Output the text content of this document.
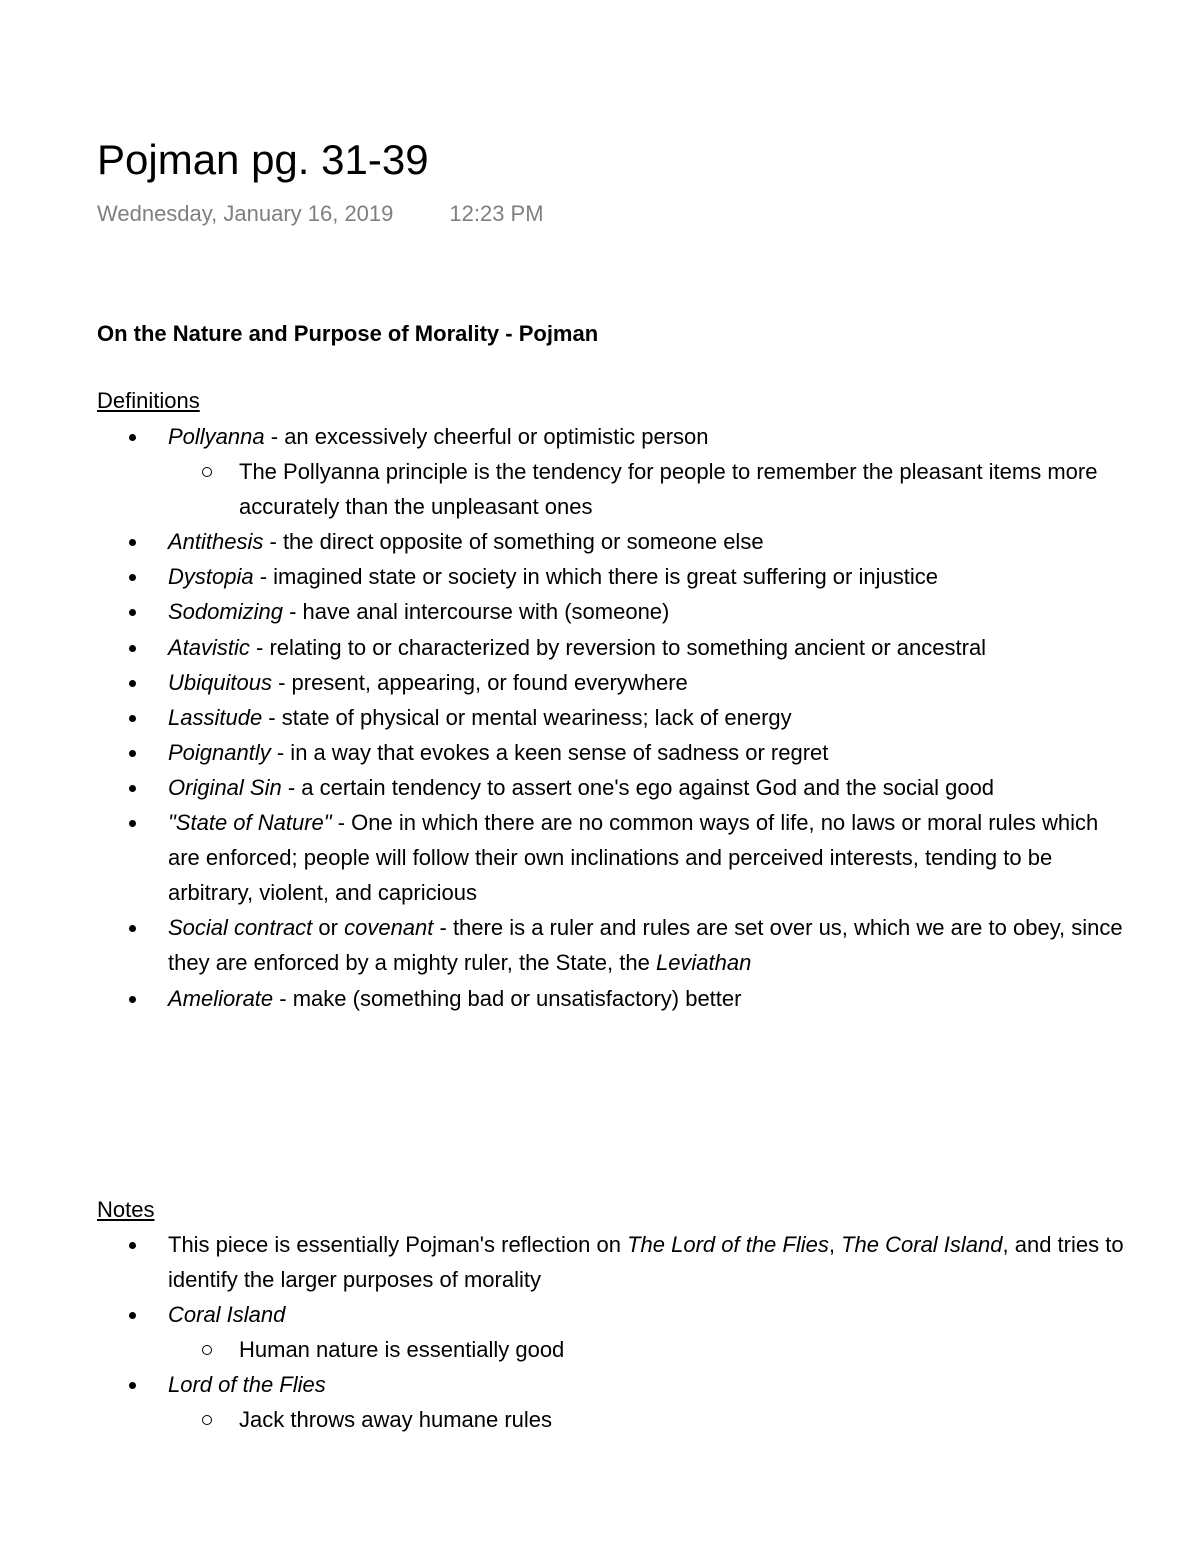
Pojman pg. 31-39
Wednesday, January 16, 2019	12:23 PM
On the Nature and Purpose of Morality - Pojman
Definitions
Pollyanna - an excessively cheerful or optimistic person
The Pollyanna principle is the tendency for people to remember the pleasant items more accurately than the unpleasant ones
Antithesis - the direct opposite of something or someone else
Dystopia - imagined state or society in which there is great suffering or injustice
Sodomizing - have anal intercourse with (someone)
Atavistic - relating to or characterized by reversion to something ancient or ancestral
Ubiquitous - present, appearing, or found everywhere
Lassitude - state of physical or mental weariness; lack of energy
Poignantly - in a way that evokes a keen sense of sadness or regret
Original Sin - a certain tendency to assert one's ego against God and the social good
"State of Nature" - One in which there are no common ways of life, no laws or moral rules which are enforced; people will follow their own inclinations and perceived interests, tending to be arbitrary, violent, and capricious
Social contract or covenant - there is a ruler and rules are set over us, which we are to obey, since they are enforced by a mighty ruler, the State, the Leviathan
Ameliorate - make (something bad or unsatisfactory) better
Notes
This piece is essentially Pojman's reflection on The Lord of the Flies, The Coral Island, and tries to identify the larger purposes of morality
Coral Island
Human nature is essentially good
Lord of the Flies
Jack throws away humane rules
